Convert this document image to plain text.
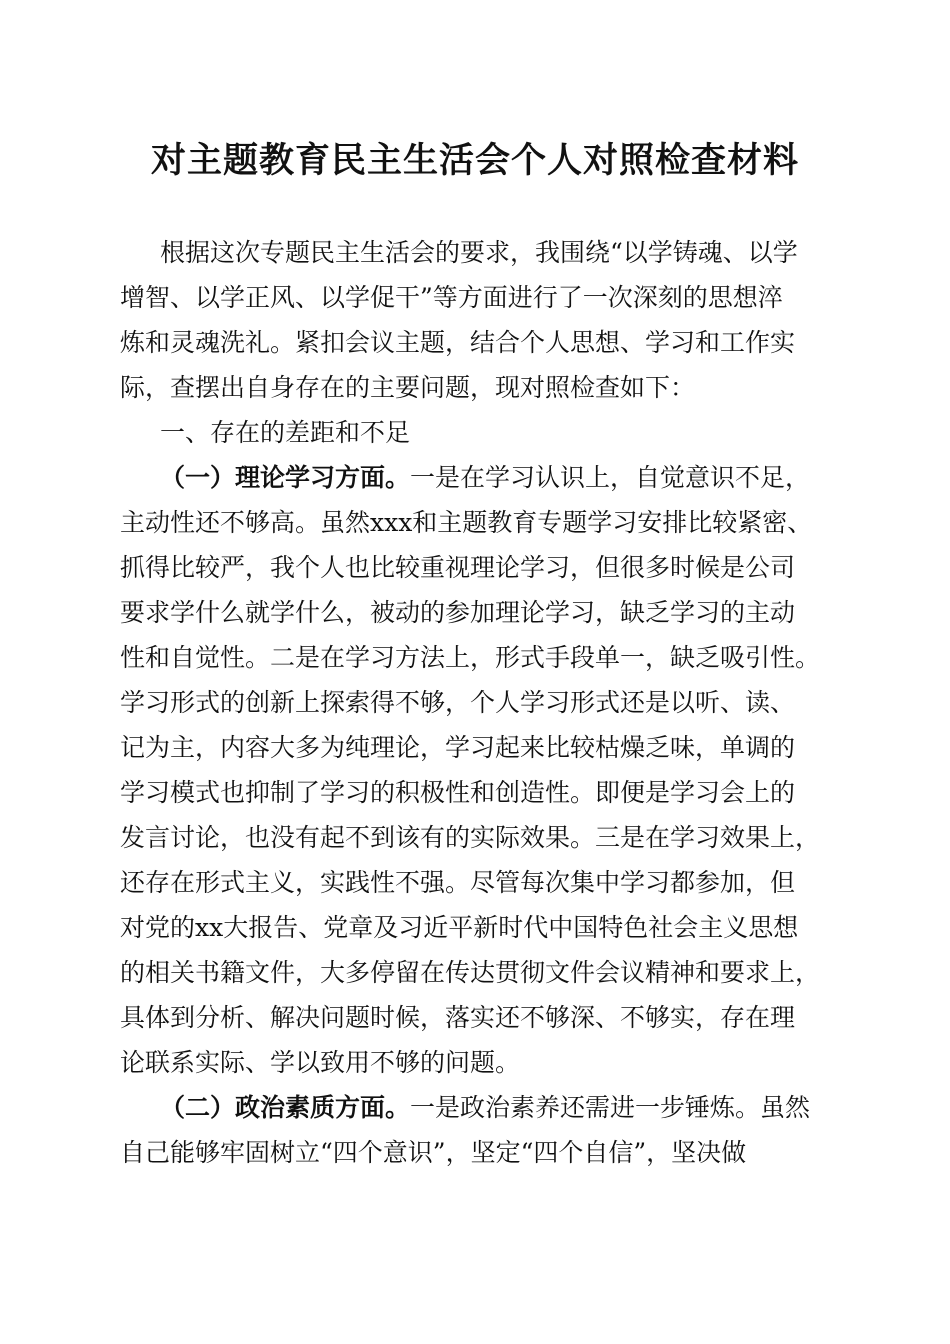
对主题教育民主生活会个人对照检查材料
根据这次专题民主生活会的要求，我围绕“以学铸魂、以学
增智、以学正风、以学促干”等方面进行了一次深刻的思想淬
炼和灵魂洗礼。紧扣会议主题，结合个人思想、学习和工作实
际，查摆出自身存在的主要问题，现对照检查如下：
一、存在的差距和不足
（一）理论学习方面。一是在学习认识上，自觉意识不足，
主动性还不够高。虽然xxx和主题教育专题学习安排比较紧密、
抓得比较严，我个人也比较重视理论学习，但很多时候是公司
要求学什么就学什么，被动的参加理论学习，缺乏学习的主动
性和自觉性。二是在学习方法上，形式手段单一，缺乏吸引性。
学习形式的创新上探索得不够，个人学习形式还是以听、读、
记为主，内容大多为纯理论，学习起来比较枯燥乏味，单调的
学习模式也抑制了学习的积极性和创造性。即便是学习会上的
发言讨论，也没有起不到该有的实际效果。三是在学习效果上，
还存在形式主义，实践性不强。尽管每次集中学习都参加，但
对党的xx大报告、党章及习近平新时代中国特色社会主义思想
的相关书籍文件，大多停留在传达贯彻文件会议精神和要求上，
具体到分析、解决问题时候，落实还不够深、不够实，存在理
论联系实际、学以致用不够的问题。
（二）政治素质方面。一是政治素养还需进一步锤炼。虽然
自己能够牢固树立“四个意识”，坚定“四个自信”，坚决做
